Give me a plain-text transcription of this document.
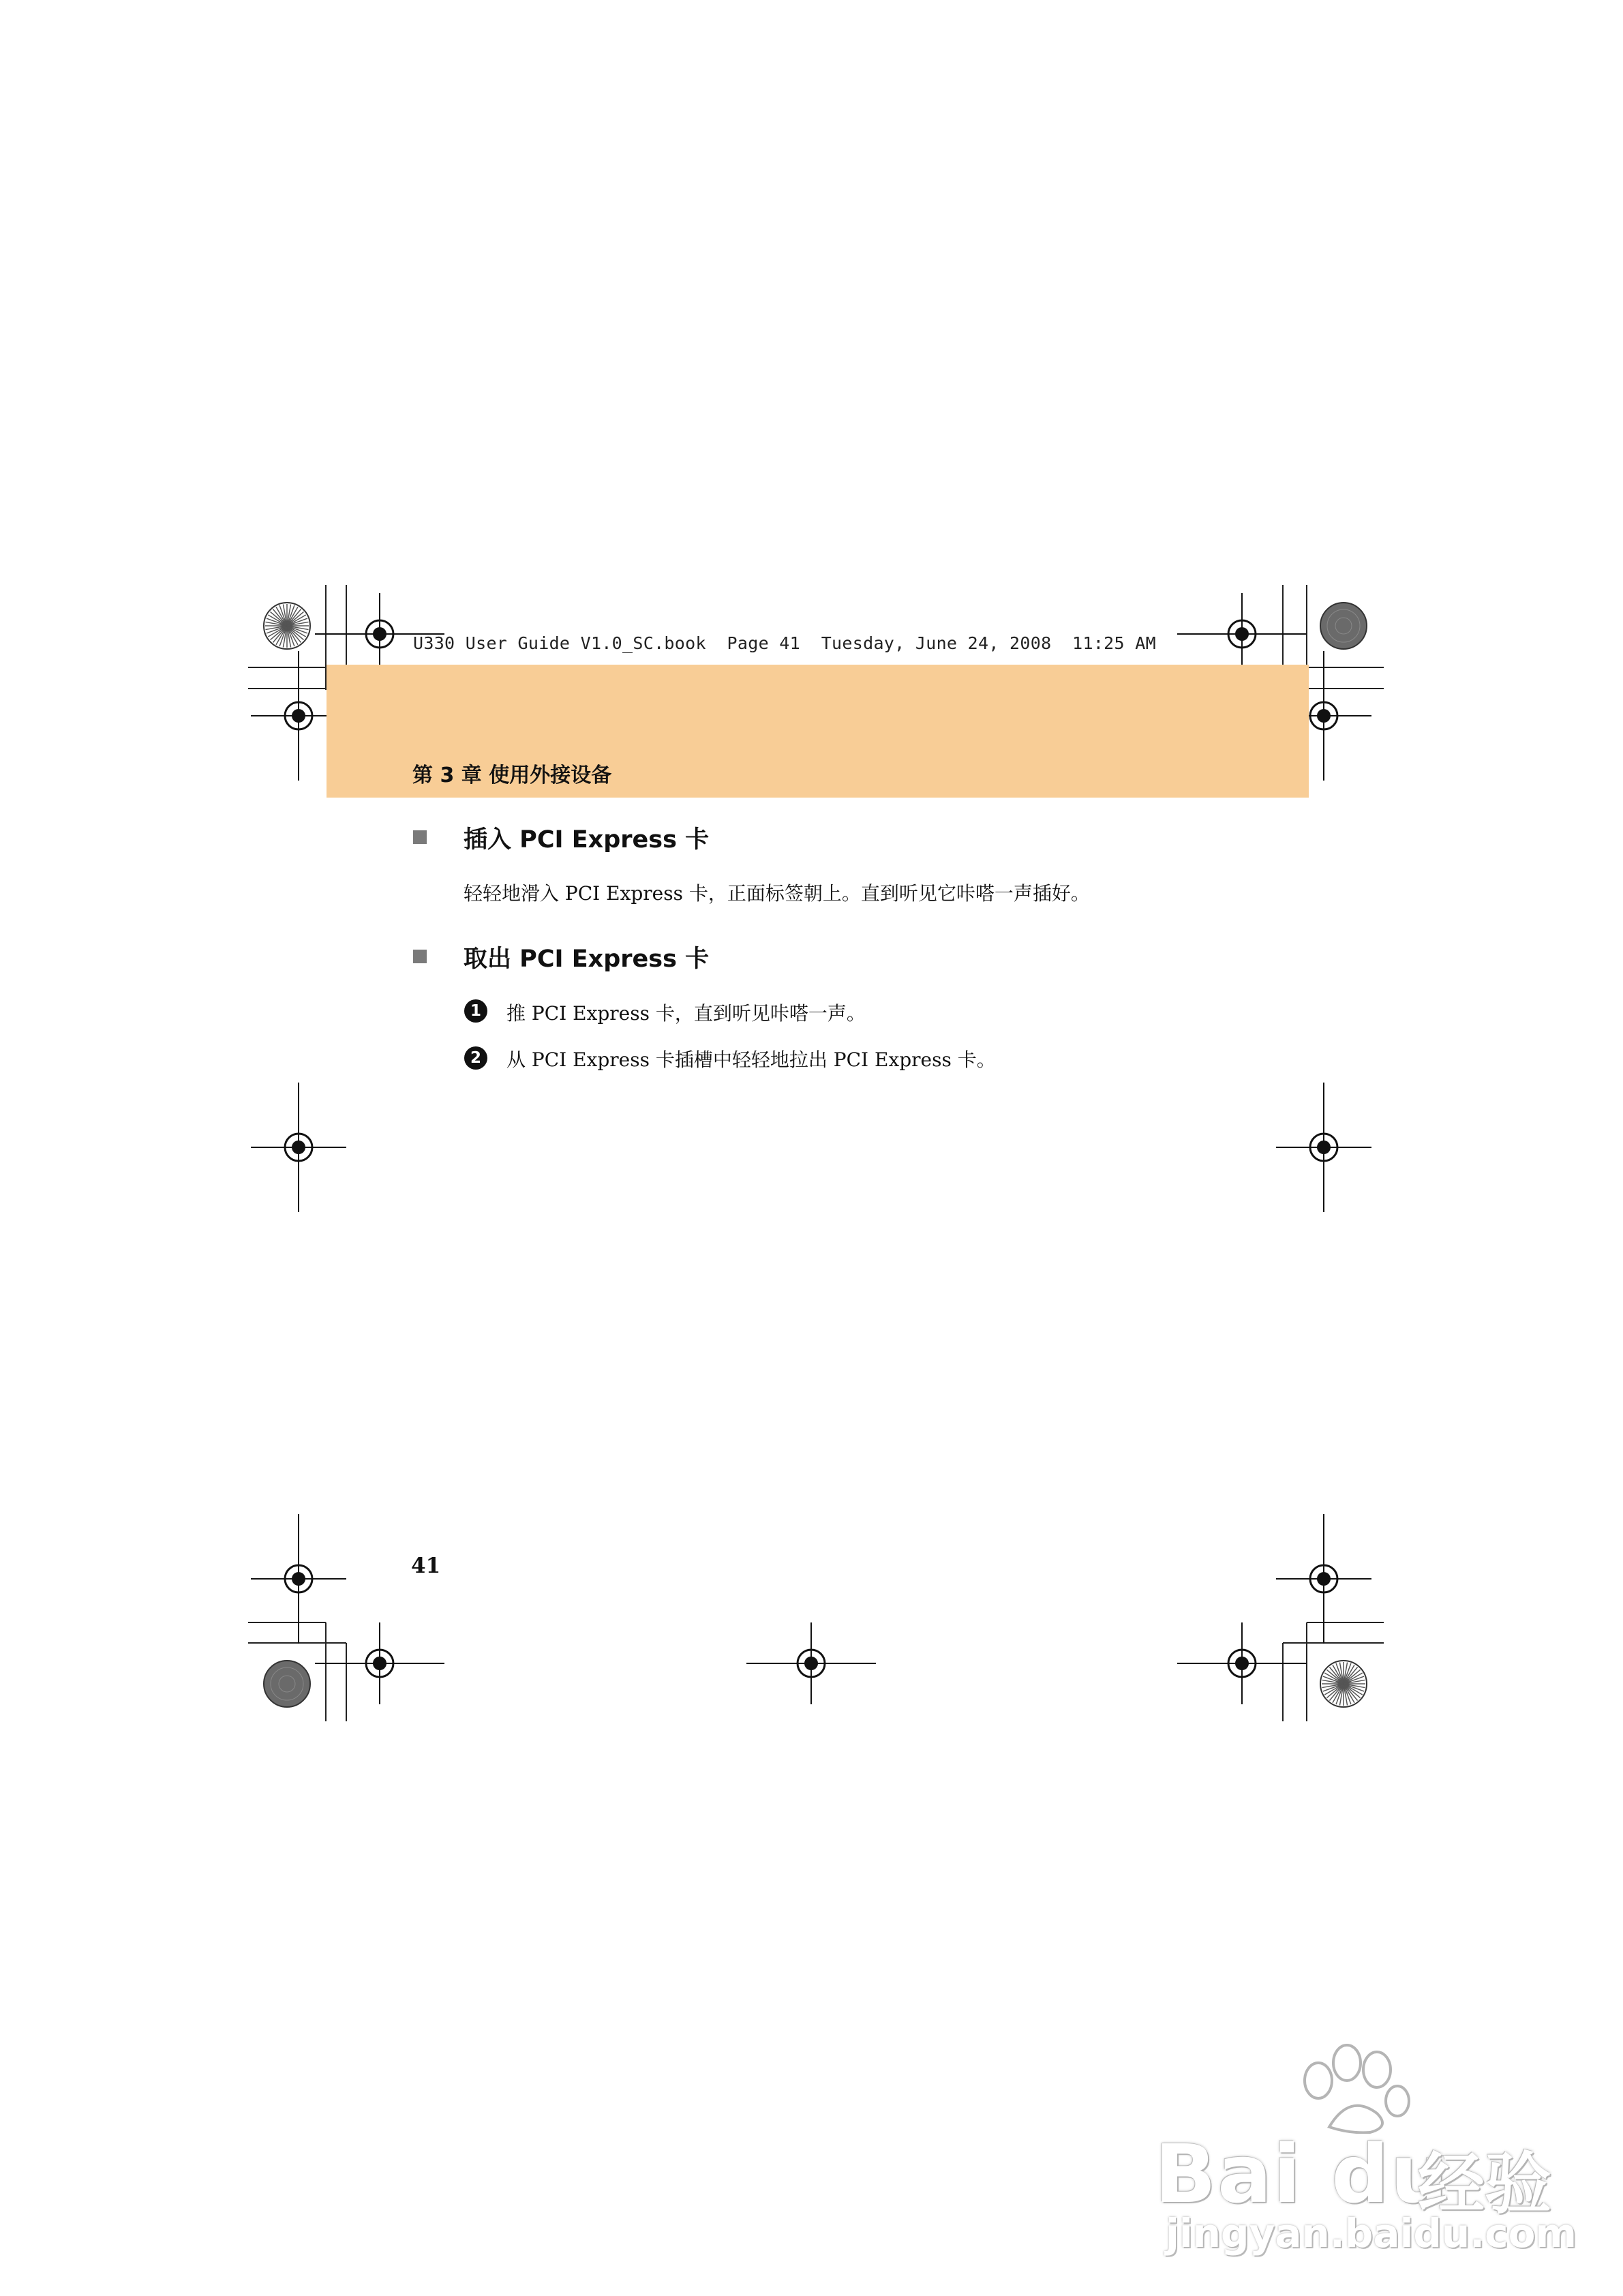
U330 User Guide V1.0_SC.book  Page 41  Tuesday, June 24, 2008  11:25 AM
第 3 章 使用外接设备
插入 PCI Express 卡
轻轻地滑入 PCI Express 卡，正面标签朝上。直到听见它咔嗒一声插好。
取出 PCI Express 卡
1	推 PCI Express 卡，直到听见咔嗒一声。
2	从 PCI Express 卡插槽中轻轻地拉出 PCI Express 卡。
41
Bai du
经验
jingyan.baidu.com
